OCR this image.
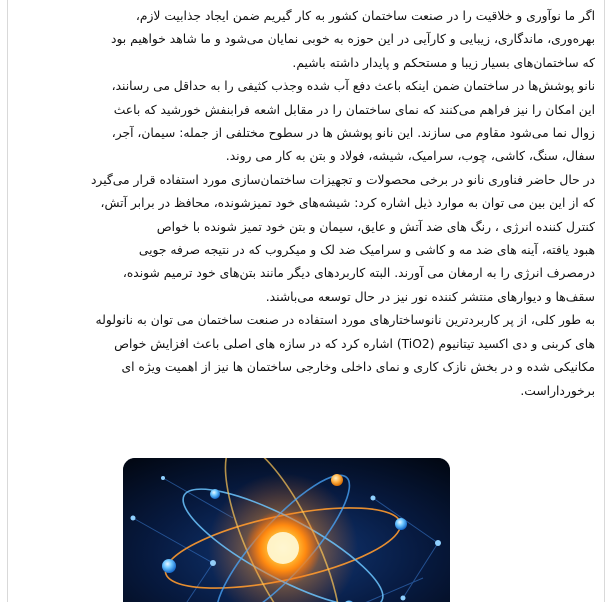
اگر ما نوآوری و خلاقیت را در صنعت ساختمان کشور به کار گیریم ضمن ایجاد جذابیت لازم،
بهره‌وری، ماندگاری، زیبایی و کارآیی در این حوزه به خوبی نمایان می‌شود و ما شاهد خواهیم بود
که ساختمان‌های بسیار زیبا و مستحکم و پایدار داشته باشیم.

نانو پوشش‌ها در ساختمان ضمن اینکه باعث دفع آب شده وجذب کثیفی را به حداقل می رسانند،
این امکان را نیز فراهم می‌کنند که نمای ساختمان را در مقابل اشعه فرابنفش خورشید که باعث
زوال نما می‌شود مقاوم می سازند. این نانو پوشش ها در سطوح مختلفی از جمله: سیمان، آجر،
سفال، سنگ، کاشی، چوب، سرامیک، شیشه، فولاد و بتن به کار می روند.

در حال حاضر فناوری نانو در برخی محصولات و تجهیزات ساختمان‌سازی مورد استفاده قرار می‌گیرد
که از این بین می توان به موارد ذیل اشاره کرد: شیشه‌های خود تمیزشونده، محافظ در برابر آتش،
کنترل کننده انرژی ، رنگ های ضد آتش و عایق، سیمان و بتن خود تمیز شونده با خواص
هبود یافته، آینه های ضد مه و کاشی و سرامیک ضد لک و میکروب که در نتیجه صرفه جویی
درمصرف انرژی را به ارمغان می آورند. البته کاربردهای دیگر مانند بتن‌های خود ترمیم شونده،
سقف‌ها و دیوارهای منتشر کننده نور نیز در حال توسعه می‌باشند.

به طور کلی، از پر کاربردترین نانوساختارهای مورد استفاده در صنعت ساختمان می توان به نانولوله
های کربنی و دی اکسید تیتانیوم (TiO2) اشاره کرد که در سازه های اصلی باعث افزایش خواص
مکانیکی شده و در بخش نازک کاری و نمای داخلی وخارجی ساختمان ها نیز از اهمیت ویژه ای
برخورداراست.
